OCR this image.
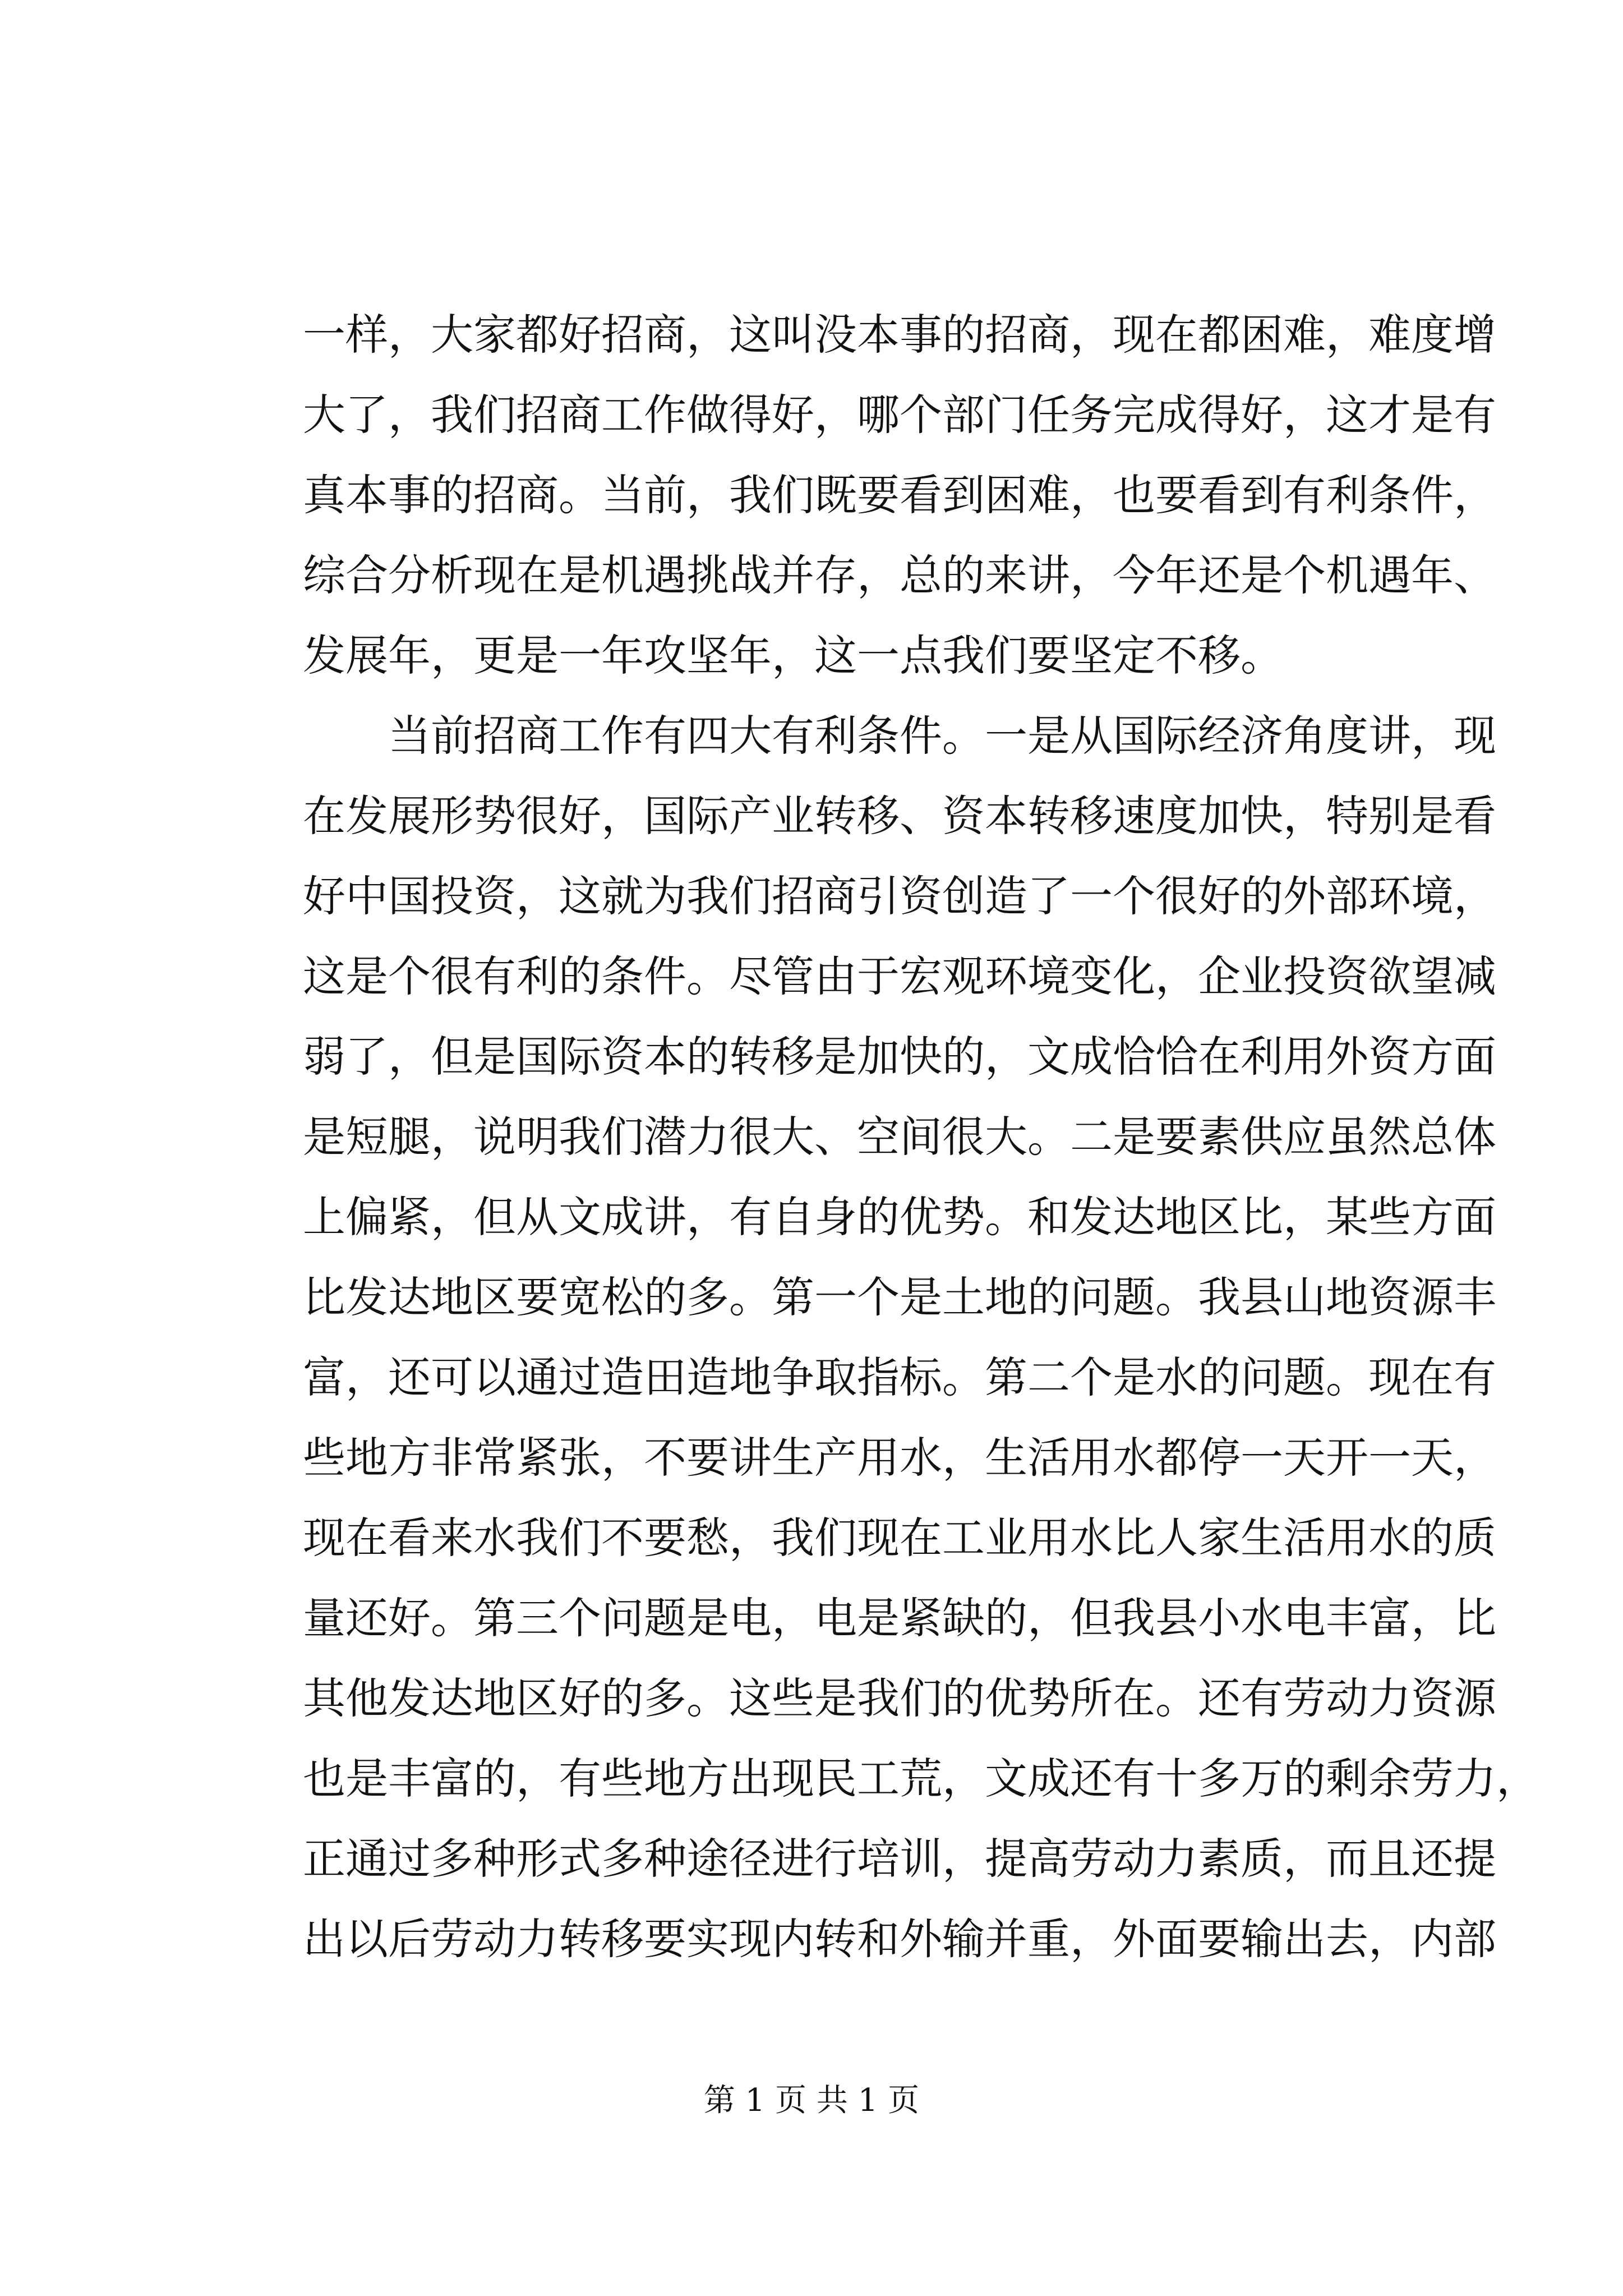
一样，大家都好招商，这叫没本事的招商，现在都困难，难度增
大了，我们招商工作做得好，哪个部门任务完成得好，这才是有
真本事的招商。当前，我们既要看到困难，也要看到有利条件，
综合分析现在是机遇挑战并存，总的来讲，今年还是个机遇年、
发展年，更是一年攻坚年，这一点我们要坚定不移。
当前招商工作有四大有利条件。一是从国际经济角度讲，现
在发展形势很好，国际产业转移、资本转移速度加快，特别是看
好中国投资，这就为我们招商引资创造了一个很好的外部环境，
这是个很有利的条件。尽管由于宏观环境变化，企业投资欲望减
弱了，但是国际资本的转移是加快的，文成恰恰在利用外资方面
是短腿，说明我们潜力很大、空间很大。二是要素供应虽然总体
上偏紧，但从文成讲，有自身的优势。和发达地区比，某些方面
比发达地区要宽松的多。第一个是土地的问题。我县山地资源丰
富，还可以通过造田造地争取指标。第二个是水的问题。现在有
些地方非常紧张，不要讲生产用水，生活用水都停一天开一天，
现在看来水我们不要愁，我们现在工业用水比人家生活用水的质
量还好。第三个问题是电，电是紧缺的，但我县小水电丰富，比
其他发达地区好的多。这些是我们的优势所在。还有劳动力资源
也是丰富的，有些地方出现民工荒，文成还有十多万的剩余劳力，
正通过多种形式多种途径进行培训，提高劳动力素质，而且还提
出以后劳动力转移要实现内转和外输并重，外面要输出去，内部
第 1 页 共 1 页
